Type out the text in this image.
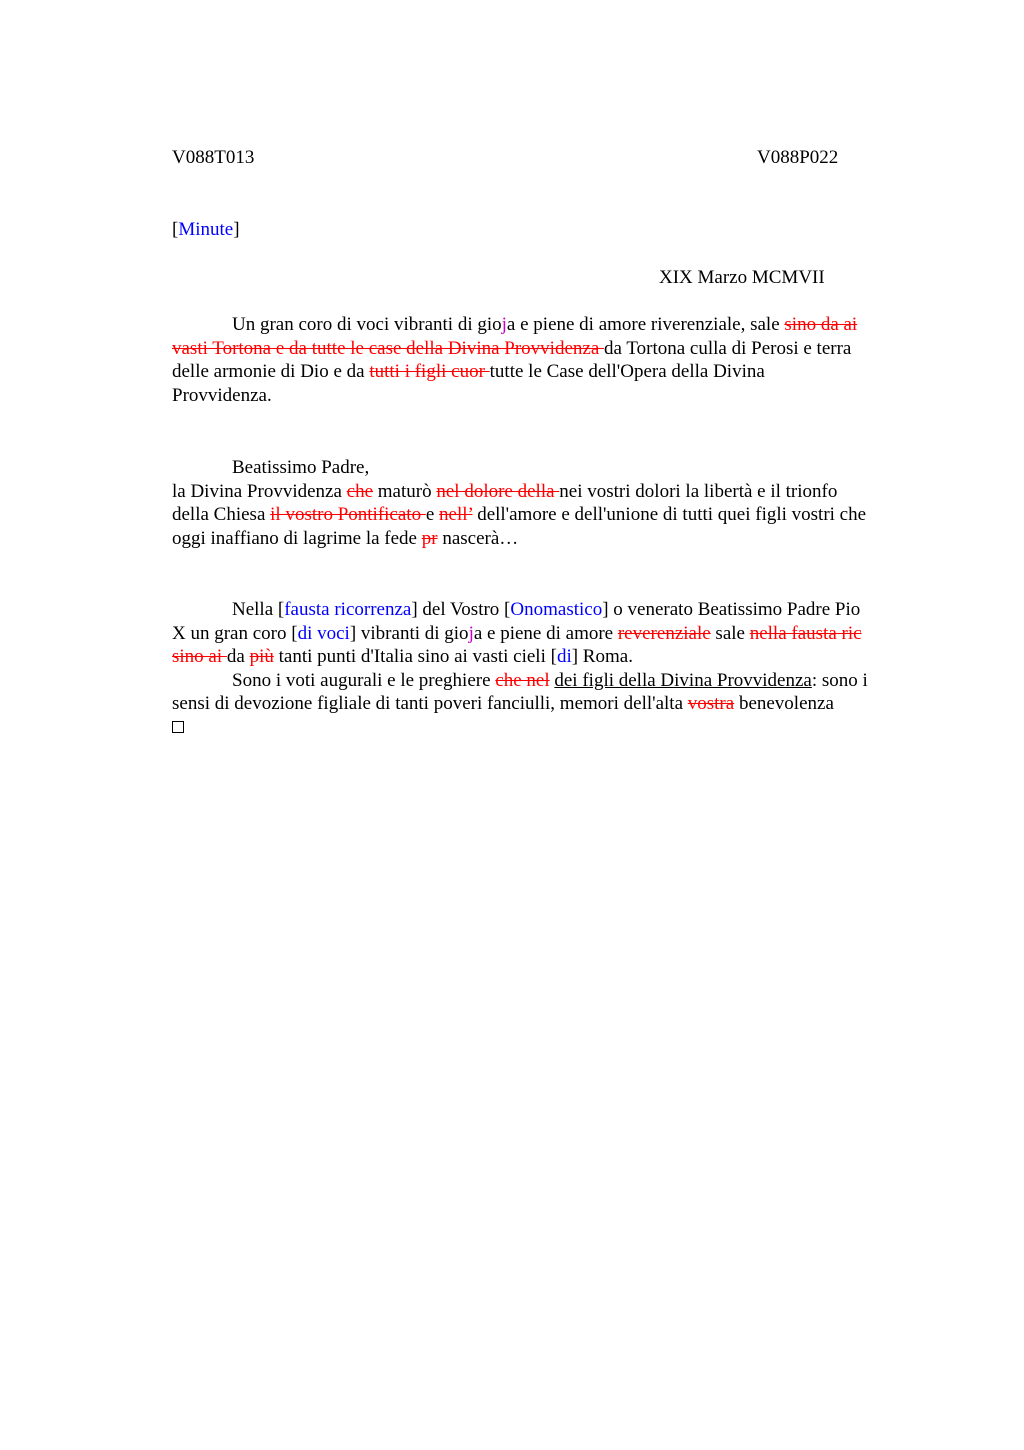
V088T013	V088P022
[Minute]
XIX Marzo MCMVII
Un gran coro di voci vibranti di gioja e piene di amore riverenziale, sale sino da ai
vasti Tortona e da tutte le case della Divina Provvidenza da Tortona culla di Perosi e terra
delle armonie di Dio e da tutti i figli cuor tutte le Case dell'Opera della Divina
Provvidenza.
Beatissimo Padre,
la Divina Provvidenza che maturò nel dolore della nei vostri dolori la libertà e il trionfo
della Chiesa il vostro Pontificato e nell’ dell'amore e dell'unione di tutti quei figli vostri che
oggi inaffiano di lagrime la fede pr nascerà…
Nella [fausta ricorrenza] del Vostro [Onomastico] o venerato Beatissimo Padre Pio
X un gran coro [di voci] vibranti di gioja e piene di amore reverenziale sale nella fausta ric
sino ai da più tanti punti d'Italia sino ai vasti cieli [di] Roma.
Sono i voti augurali e le preghiere che nel dei figli della Divina Provvidenza: sono i
sensi di devozione figliale di tanti poveri fanciulli, memori dell'alta vostra benevolenza
